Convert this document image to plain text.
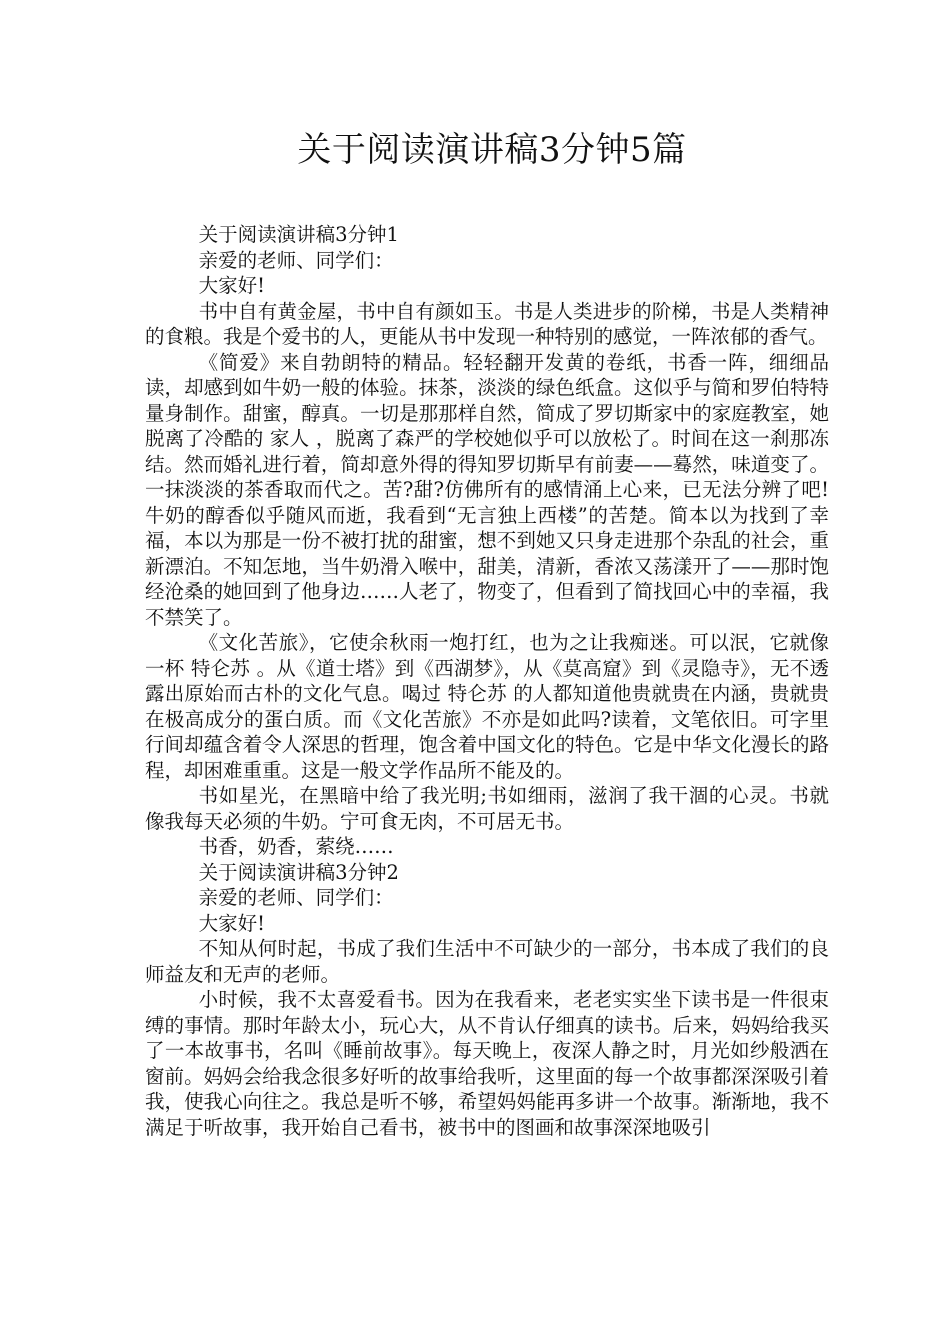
关于阅读演讲稿3分钟5篇

关于阅读演讲稿3分钟1

亲爱的老师、同学们：

大家好!

书中自有黄金屋，书中自有颜如玉。书是人类进步的阶梯，书是人类精神的食粮。我是个爱书的人，更能从书中发现一种特别的感觉，一阵浓郁的香气。

《简爱》来自勃朗特的精品。轻轻翻开发黄的卷纸，书香一阵，细细品读，却感到如牛奶一般的体验。抹茶，淡淡的绿色纸盒。这似乎与简和罗伯特特量身制作。甜蜜，醇真。一切是那那样自然，简成了罗切斯家中的家庭教室，她脱离了冷酷的 家人 ，脱离了森严的学校她似乎可以放松了。时间在这一刹那冻结。然而婚礼进行着，简却意外得的得知罗切斯早有前妻——蓦然，味道变了。一抹淡淡的茶香取而代之。苦?甜?仿佛所有的感情涌上心来，已无法分辨了吧!牛奶的醇香似乎随风而逝，我看到“无言独上西楼”的苦楚。简本以为找到了幸福，本以为那是一份不被打扰的甜蜜，想不到她又只身走进那个杂乱的社会，重新漂泊。不知怎地，当牛奶滑入喉中，甜美，清新，香浓又荡漾开了——那时饱经沧桑的她回到了他身边……人老了，物变了，但看到了简找回心中的幸福，我不禁笑了。

《文化苦旅》，它使余秋雨一炮打红，也为之让我痴迷。可以泯，它就像一杯 特仑苏 。从《道士塔》到《西湖梦》，从《莫高窟》到《灵隐寺》，无不透露出原始而古朴的文化气息。喝过 特仑苏 的人都知道他贵就贵在内涵，贵就贵在极高成分的蛋白质。而《文化苦旅》不亦是如此吗?读着，文笔依旧。可字里行间却蕴含着令人深思的哲理，饱含着中国文化的特色。它是中华文化漫长的路程，却困难重重。这是一般文学作品所不能及的。

书如星光，在黑暗中给了我光明;书如细雨，滋润了我干涸的心灵。书就像我每天必须的牛奶。宁可食无肉，不可居无书。

书香，奶香，萦绕……

关于阅读演讲稿3分钟2

亲爱的老师、同学们：

大家好!

不知从何时起，书成了我们生活中不可缺少的一部分，书本成了我们的良师益友和无声的老师。

小时候，我不太喜爱看书。因为在我看来，老老实实坐下读书是一件很束缚的事情。那时年龄太小，玩心大，从不肯认仔细真的读书。后来，妈妈给我买了一本故事书，名叫《睡前故事》。每天晚上，夜深人静之时，月光如纱般洒在窗前。妈妈会给我念很多好听的故事给我听，这里面的每一个故事都深深吸引着我，使我心向往之。我总是听不够，希望妈妈能再多讲一个故事。渐渐地，我不满足于听故事，我开始自己看书，被书中的图画和故事深深地吸引
